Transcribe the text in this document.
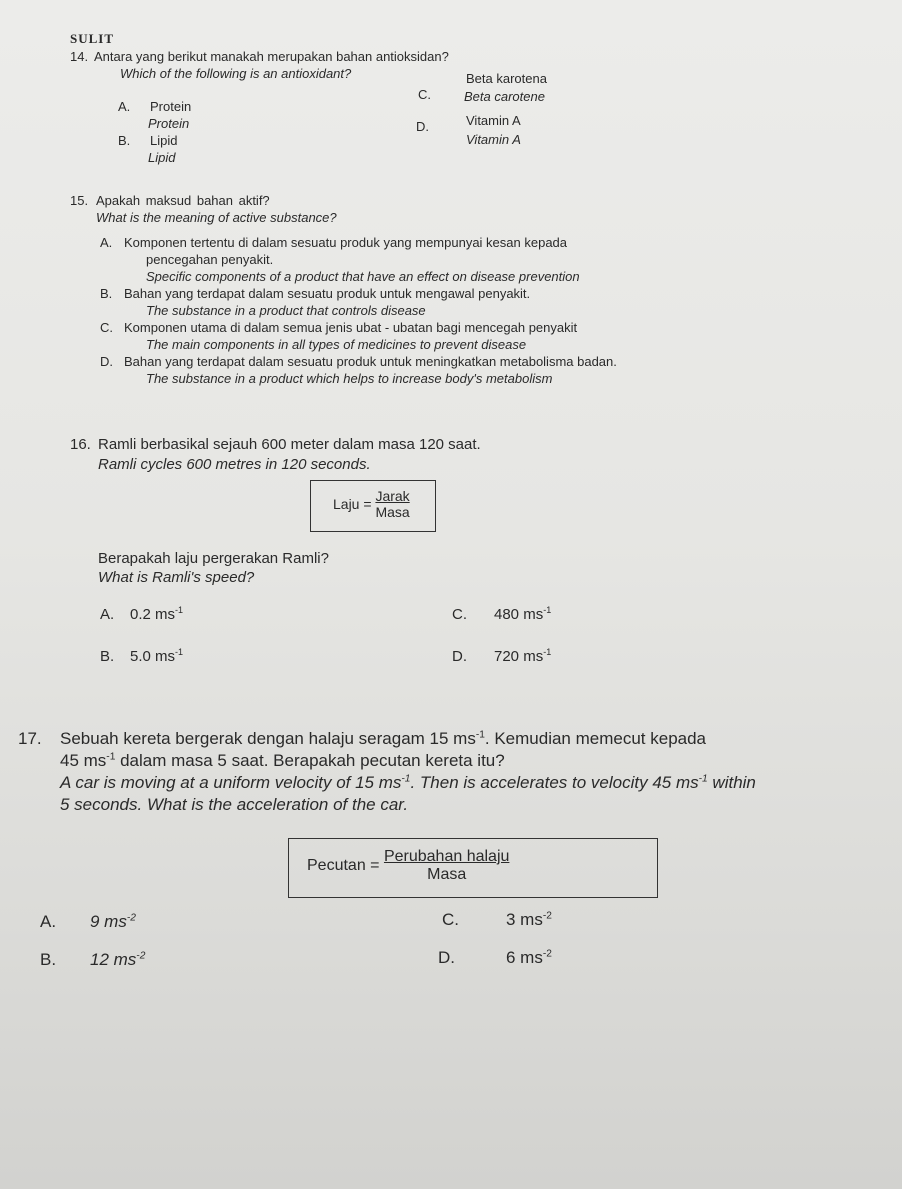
SULIT
14. Antara yang berikut manakah merupakan bahan antioksidan?
Which of the following is an antioxidant?
A. Protein
Protein
B. Lipid
Lipid
C.
Beta karotena
Beta carotene
D.	Vitamin A
Vitamin A
15. Apakah maksud bahan aktif?
What is the meaning of active substance?
A. Komponen tertentu di dalam sesuatu produk yang mempunyai kesan kepada
pencegahan penyakit.
Specific components of a product that have an effect on disease prevention
B. Bahan yang terdapat dalam sesuatu produk untuk mengawal penyakit.
The substance in a product that controls disease
C. Komponen utama di dalam semua jenis ubat - ubatan bagi mencegah penyakit
The main components in all types of medicines to prevent disease
D. Bahan yang terdapat dalam sesuatu produk untuk meningkatkan metabolisma badan.
The substance in a product which helps to increase body's metabolism
16. Ramli berbasikal sejauh 600 meter dalam masa 120 saat.
Ramli cycles 600 metres in 120 seconds.
Laju = $\frac{\text{Jarak}}{\text{Masa}}$
Berapakah laju pergerakan Ramli?
What is Ramli's speed?
A. 0.2 $ms^{-1}$
B. 5.0 $ms^{-1}$
C. 480 $ms^{-1}$
D. 720 $ms^{-1}$
17. Sebuah kereta bergerak dengan halaju seragam 15 $ms^{-1}$. Kemudian memecut kepada
45 $ms^{-1}$ dalam masa 5 saat. Berapakah pecutan kereta itu?
A car is moving at a uniform velocity of 15 $ms^{-1}$. Then is accelerates to velocity 45 $ms^{-1}$ within
5 seconds. What is the acceleration of the car.
Pecutan = $\frac{\text{Perubahan halaju}}{\text{Masa}}$
A. 9 $ms^{-2}$
B. 12 $ms^{-2}$
C.	3 $ms^{-2}$
D.	6 $ms^{-2}$
